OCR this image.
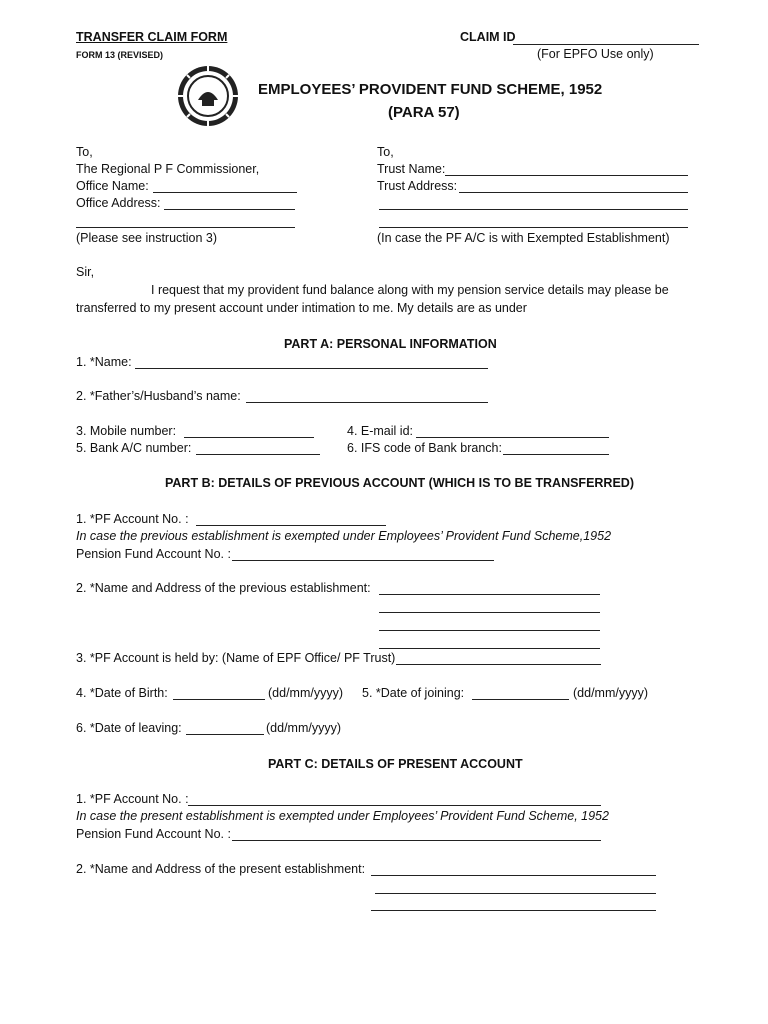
TRANSFER CLAIM FORM
FORM 13 (REVISED)
CLAIM ID
(For EPFO Use only)
EMPLOYEES’ PROVIDENT FUND SCHEME, 1952
(PARA 57)
To,
The Regional P F Commissioner,
Office Name:
Office Address:
(Please see instruction 3)
To,
Trust Name:
Trust Address:
(In case the PF A/C is with Exempted Establishment)
Sir,
I request that my provident fund balance along with my pension service details may please be
transferred to my present account under intimation to me. My details are as under
PART A: PERSONAL INFORMATION
1. *Name:
2. *Father’s/Husband’s name:
3. Mobile number:	4. E-mail id:
5. Bank A/C number:	6. IFS code of Bank branch:
PART B: DETAILS OF PREVIOUS ACCOUNT (WHICH IS TO BE TRANSFERRED)
1. *PF Account No. :
In case the previous establishment is exempted under Employees’ Provident Fund Scheme,1952
Pension Fund Account No. :
2. *Name and Address of the previous establishment:
3. *PF Account is held by: (Name of EPF Office/ PF Trust)
4. *Date of Birth:	(dd/mm/yyyy) 5. *Date of joining:	(dd/mm/yyyy)
6. *Date of leaving:	(dd/mm/yyyy)
PART C: DETAILS OF PRESENT ACCOUNT
1. *PF Account No. :
In case the present establishment is exempted under Employees’ Provident Fund Scheme, 1952
Pension Fund Account No. :
2. *Name and Address of the present establishment:
